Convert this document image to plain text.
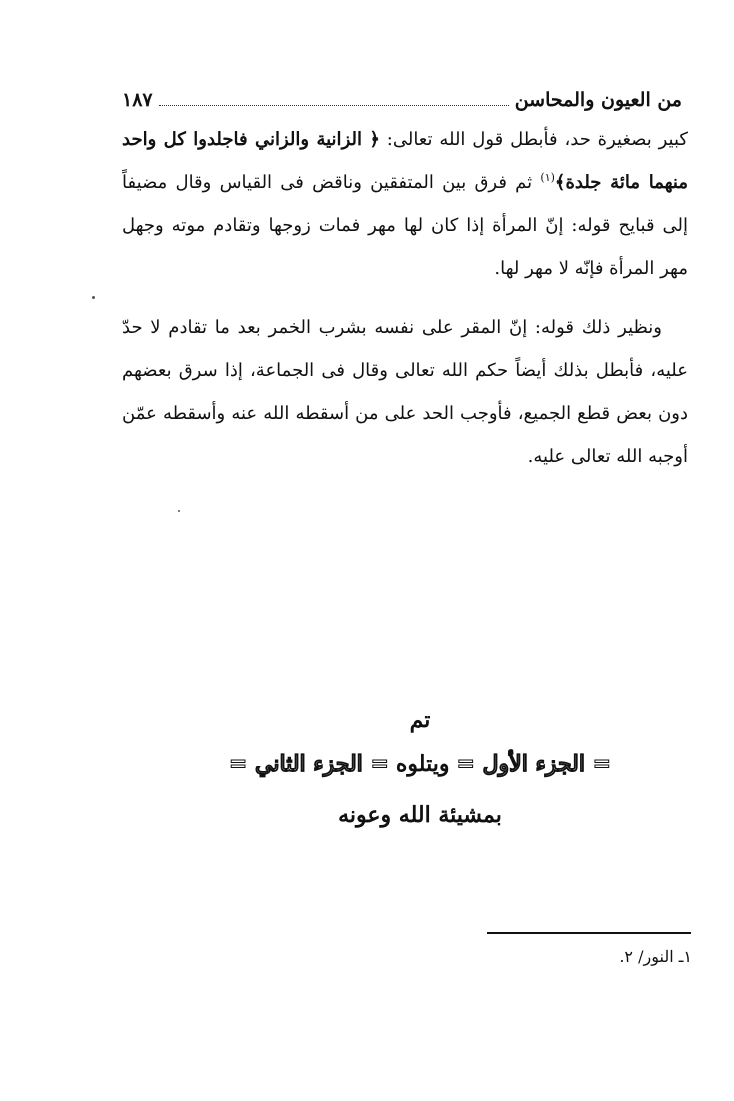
من العيون والمحاسن
١٨٧

كبير بصغيرة حد، فأبطل قول الله تعالى: ﴿ الزانية والزاني فاجلدوا كل واحد منهما مائة جلدة﴾$^{(١)}$ ثم فرق بين المتفقين وناقض فى القياس وقال مضيفاً إلى قبايح قوله: إنّ المرأة إذا كان لها مهر فمات زوجها وتقادم موته وجهل مهر المرأة فإنّه لا مهر لها.

ونظير ذلك قوله: إنّ المقر على نفسه بشرب الخمر بعد ما تقادم لا حدّ عليه، فأبطل بذلك أيضاً حكم الله تعالى وقال فى الجماعة، إذا سرق بعضهم دون بعض قطع الجميع، فأوجب الحد على من أسقطه الله عنه وأسقطه عمّن أوجبه الله تعالى عليه.

تم
= الجزء الأول = ويتلوه = الجزء الثاني =
بمشيئة الله وعونه
١ـ النور/ ٢.
